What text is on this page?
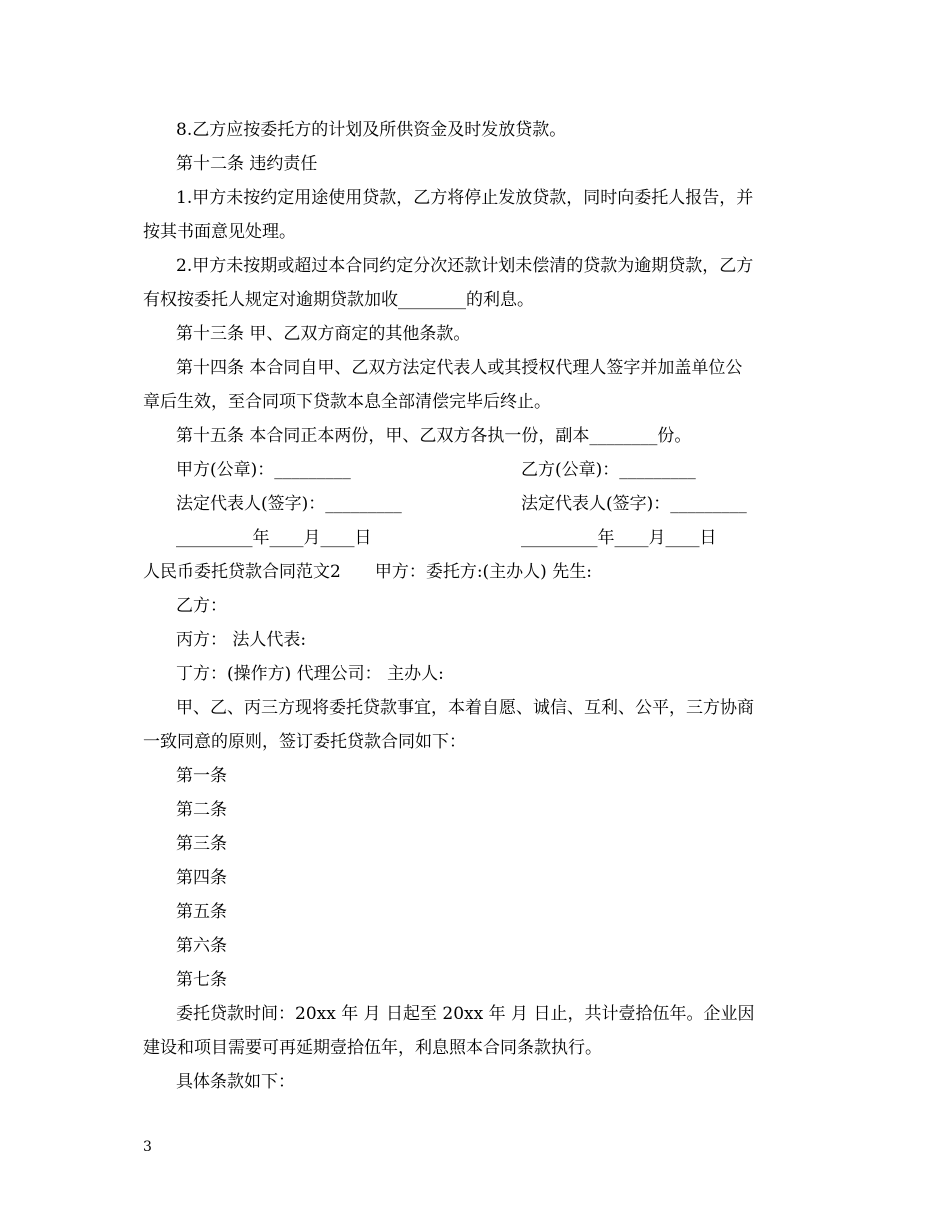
8.乙方应按委托方的计划及所供资金及时发放贷款。
第十二条 违约责任
1.甲方未按约定用途使用贷款，乙方将停止发放贷款，同时向委托人报告，并
按其书面意见处理。
2.甲方未按期或超过本合同约定分次还款计划未偿清的贷款为逾期贷款，乙方
有权按委托人规定对逾期贷款加收________的利息。
第十三条 甲、乙双方商定的其他条款。
第十四条 本合同自甲、乙双方法定代表人或其授权代理人签字并加盖单位公
章后生效，至合同项下贷款本息全部清偿完毕后终止。
第十五条 本合同正本两份，甲、乙双方各执一份，副本________份。
甲方(公章)：_________	乙方(公章)：_________
法定代表人(签字)：_________	法定代表人(签字)：_________
_________年____月____日	_________年____月____日
人民币委托贷款合同范文2　　甲方：委托方:(主办人) 先生:
乙方：
丙方： 法人代表:
丁方：(操作方) 代理公司： 主办人:
甲、乙、丙三方现将委托贷款事宜，本着自愿、诚信、互利、公平，三方协商
一致同意的原则，签订委托贷款合同如下：
第一条
第二条
第三条
第四条
第五条
第六条
第七条
委托贷款时间：20xx 年 月 日起至 20xx 年 月 日止，共计壹拾伍年。企业因
建设和项目需要可再延期壹拾伍年，利息照本合同条款执行。
具体条款如下：
3
